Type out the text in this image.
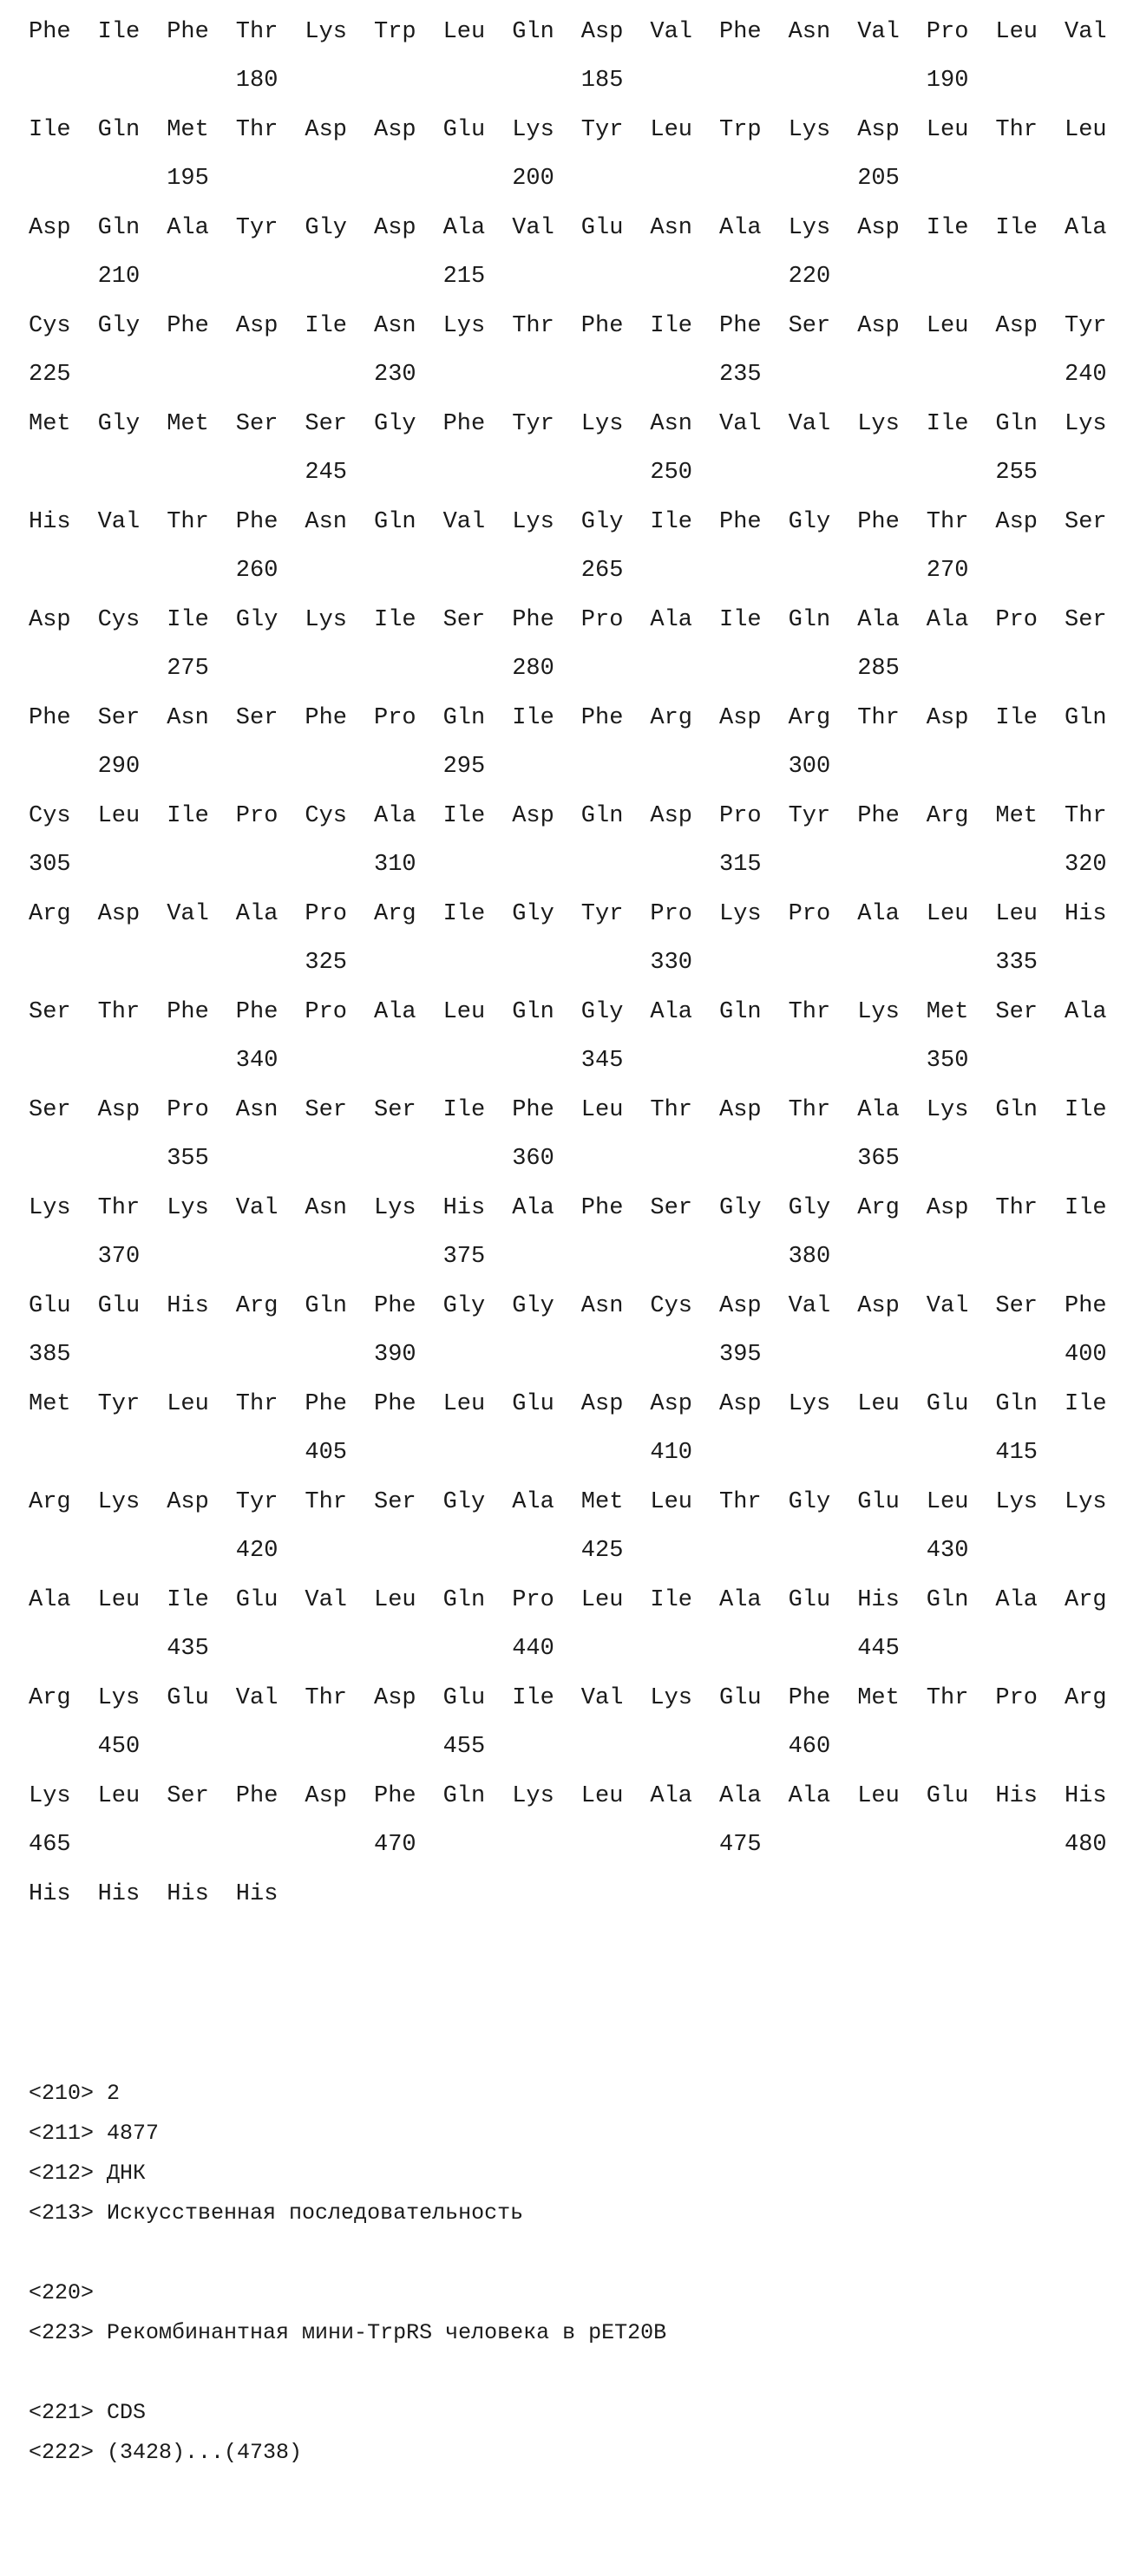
Phe Ile Phe Thr Lys Trp Leu Gln Asp Val Phe Asn Val Pro Leu Val
180	185	190
Ile Gln Met Thr Asp Asp Glu Lys Tyr Leu Trp Lys Asp Leu Thr Leu
195	200	205
Asp Gln Ala Tyr Gly Asp Ala Val Glu Asn Ala Lys Asp Ile Ile Ala
210	215	220
Cys Gly Phe Asp Ile Asn Lys Thr Phe Ile Phe Ser Asp Leu Asp Tyr
225	230	235	240
Met Gly Met Ser Ser Gly Phe Tyr Lys Asn Val Val Lys Ile Gln Lys
245	250	255
His Val Thr Phe Asn Gln Val Lys Gly Ile Phe Gly Phe Thr Asp Ser
260	265	270
Asp Cys Ile Gly Lys Ile Ser Phe Pro Ala Ile Gln Ala Ala Pro Ser
275	280	285
Phe Ser Asn Ser Phe Pro Gln Ile Phe Arg Asp Arg Thr Asp Ile Gln
290	295	300
Cys Leu Ile Pro Cys Ala Ile Asp Gln Asp Pro Tyr Phe Arg Met Thr
305	310	315	320
Arg Asp Val Ala Pro Arg Ile Gly Tyr Pro Lys Pro Ala Leu Leu His
325	330	335
Ser Thr Phe Phe Pro Ala Leu Gln Gly Ala Gln Thr Lys Met Ser Ala
340	345	350
Ser Asp Pro Asn Ser Ser Ile Phe Leu Thr Asp Thr Ala Lys Gln Ile
355	360	365
Lys Thr Lys Val Asn Lys His Ala Phe Ser Gly Gly Arg Asp Thr Ile
370	375	380
Glu Glu His Arg Gln Phe Gly Gly Asn Cys Asp Val Asp Val Ser Phe
385	390	395	400
Met Tyr Leu Thr Phe Phe Leu Glu Asp Asp Asp Lys Leu Glu Gln Ile
405	410	415
Arg Lys Asp Tyr Thr Ser Gly Ala Met Leu Thr Gly Glu Leu Lys Lys
420	425	430
Ala Leu Ile Glu Val Leu Gln Pro Leu Ile Ala Glu His Gln Ala Arg
435	440	445
Arg Lys Glu Val Thr Asp Glu Ile Val Lys Glu Phe Met Thr Pro Arg
450	455	460
Lys Leu Ser Phe Asp Phe Gln Lys Leu Ala Ala Ala Leu Glu His His
465	470	475	480
His His His His
<210> 2
<211> 4877
<212> ДНК
<213> Искусственная последовательность
<220>
<223> Рекомбинантная мини-TrpRS человека в pET20B
<221> CDS
<222> (3428)...(4738)
